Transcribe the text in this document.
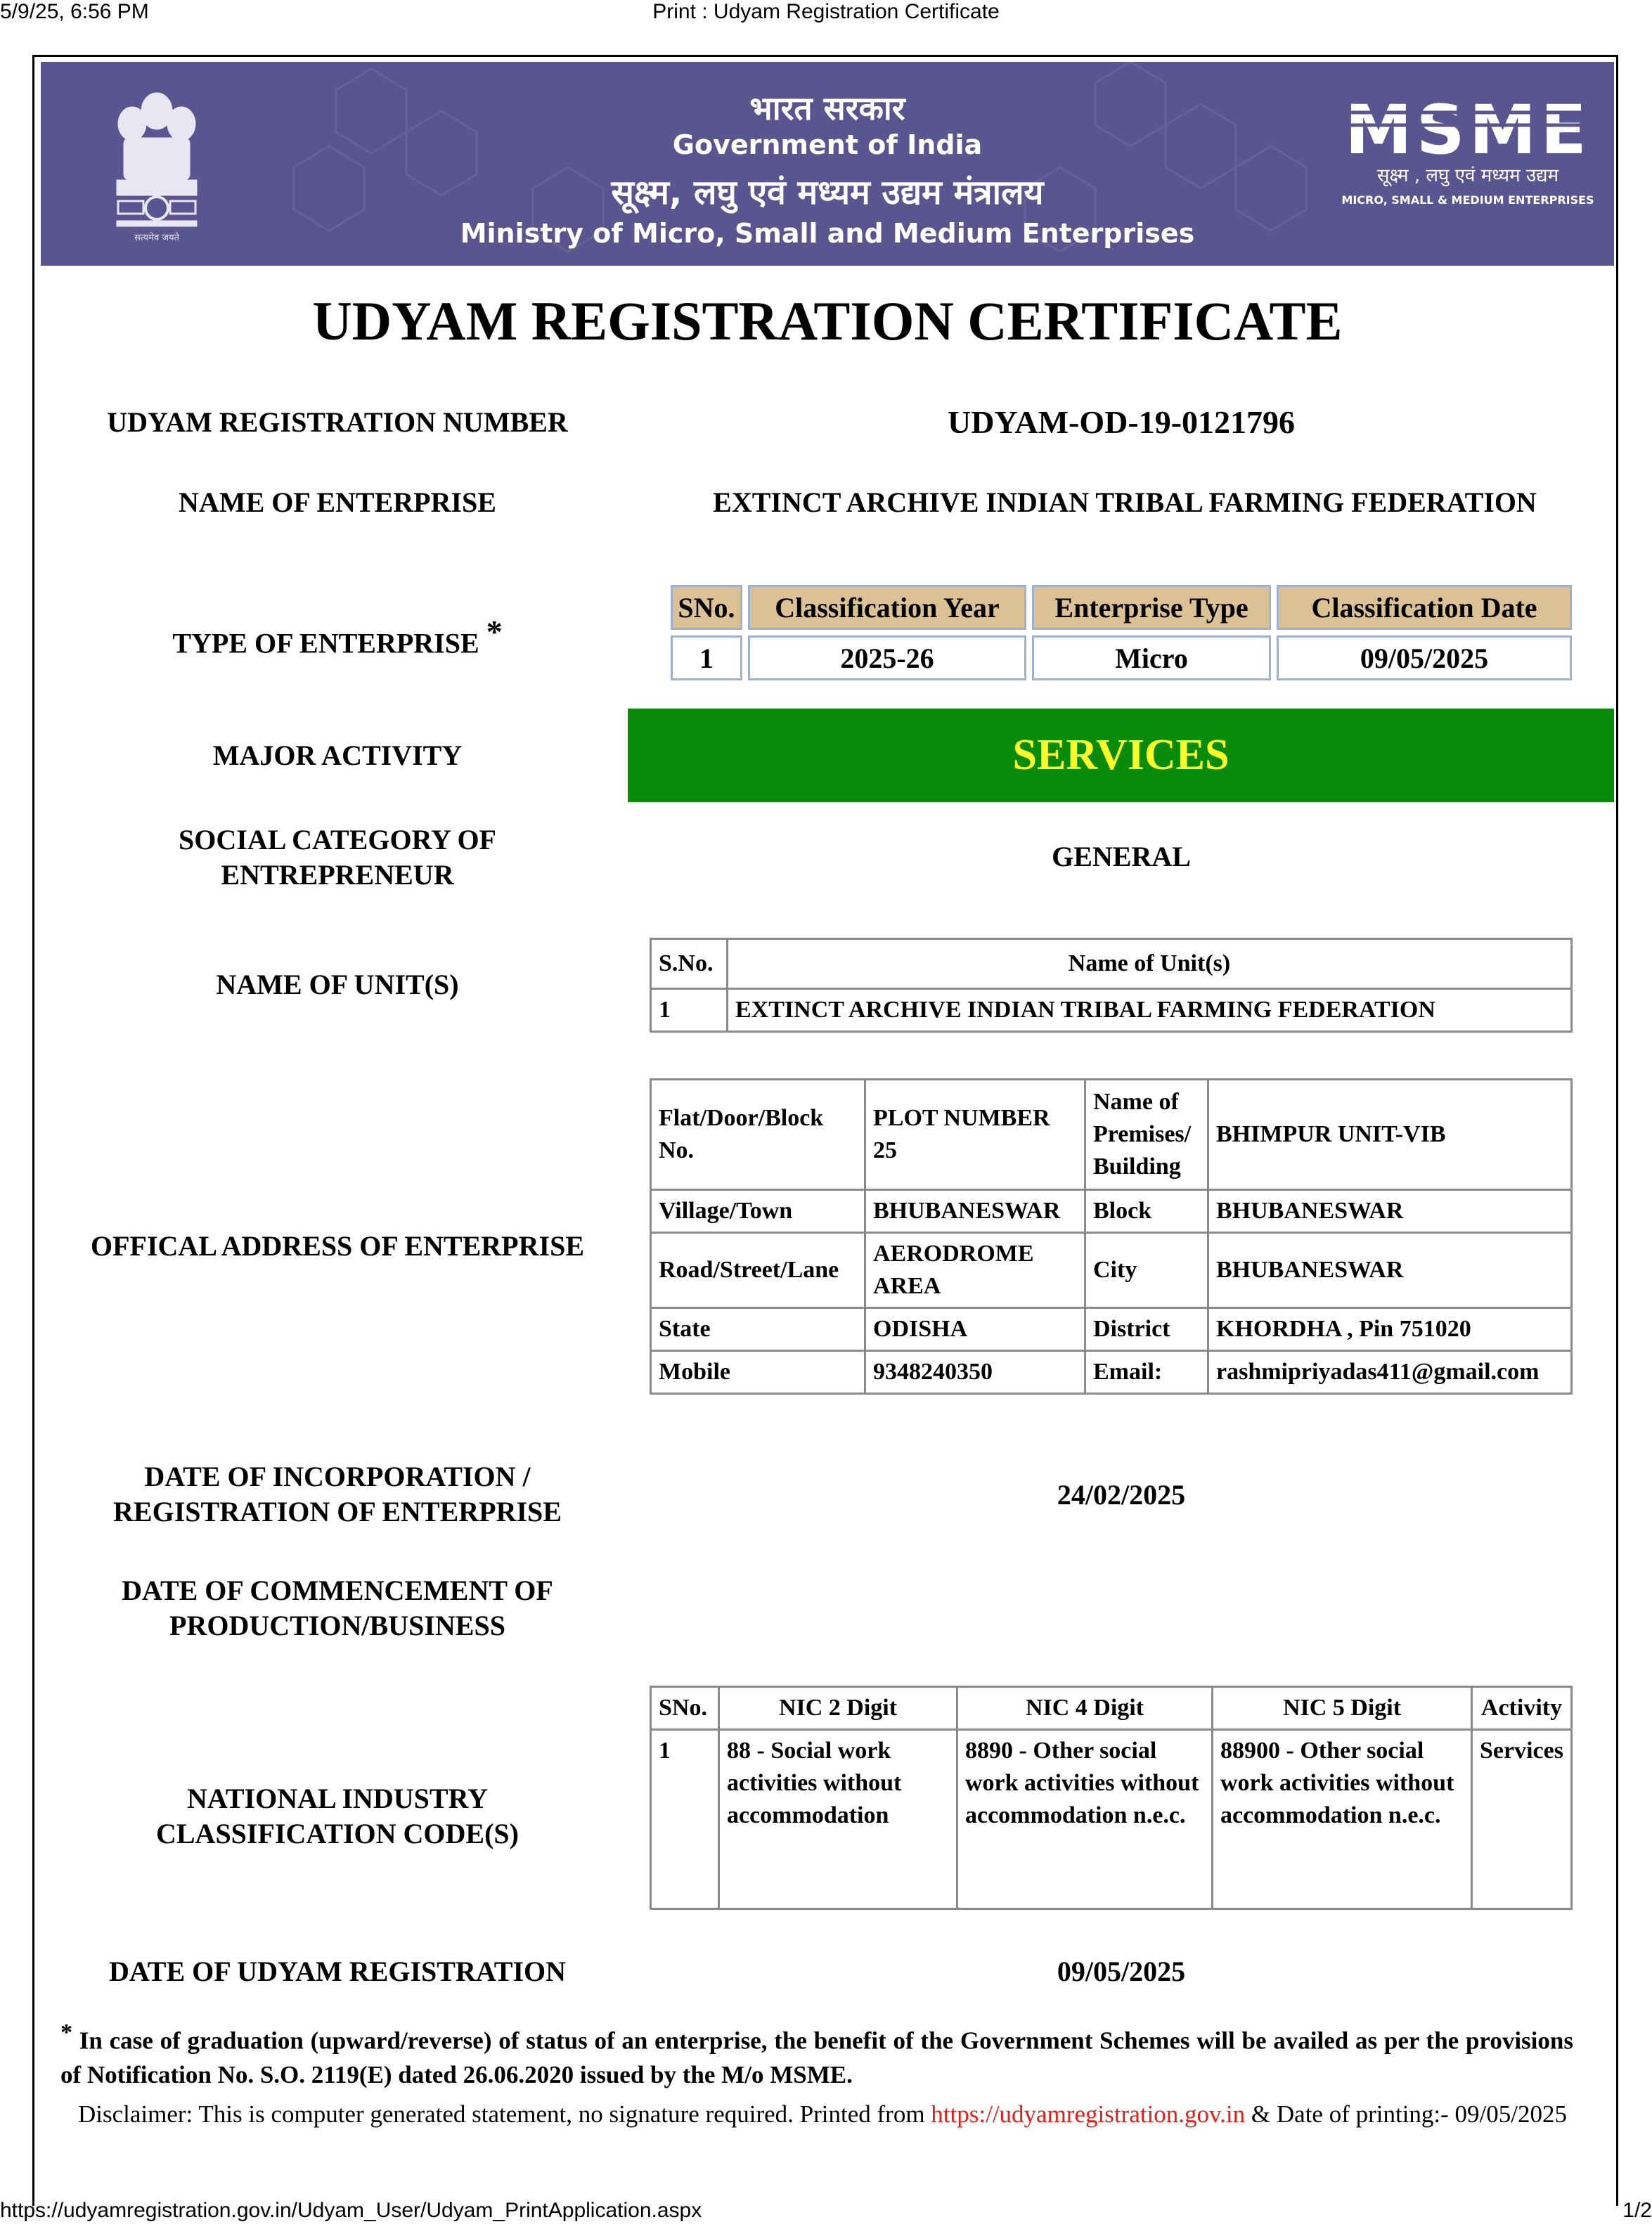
5/9/25, 6:56 PM	Print : Udyam Registration Certificate
सत्यमेव जयते
भारत सरकार
Government of India
सूक्ष्म, लघु एवं मध्यम उद्यम मंत्रालय
Ministry of Micro, Small and Medium Enterprises
MSME
सूक्ष्म , लघु एवं मध्यम उद्यम
MICRO, SMALL & MEDIUM ENTERPRISES
UDYAM REGISTRATION CERTIFICATE
UDYAM REGISTRATION NUMBER	UDYAM-OD-19-0121796
NAME OF ENTERPRISE	EXTINCT ARCHIVE INDIAN TRIBAL FARMING FEDERATION
TYPE OF ENTERPRISE *
SNo.	Classification Year	Enterprise Type	Classification Date
1	2025-26	Micro	09/05/2025
MAJOR ACTIVITY	SERVICES
SOCIAL CATEGORY OF
ENTREPRENEUR
GENERAL
NAME OF UNIT(S)
S.No.	Name of Unit(s)
1	EXTINCT ARCHIVE INDIAN TRIBAL FARMING FEDERATION
OFFICAL ADDRESS OF ENTERPRISE
Flat/Door/Block No.	PLOT NUMBER 25	Name of Premises/ Building	BHIMPUR UNIT-VIB
Village/Town	BHUBANESWAR	Block	BHUBANESWAR
Road/Street/Lane	AERODROME AREA	City	BHUBANESWAR
State	ODISHA	District	KHORDHA , Pin 751020
Mobile	9348240350	Email:	rashmipriyadas411@gmail.com
DATE OF INCORPORATION /
REGISTRATION OF ENTERPRISE
24/02/2025
DATE OF COMMENCEMENT OF
PRODUCTION/BUSINESS
NATIONAL INDUSTRY
CLASSIFICATION CODE(S)
SNo.	NIC 2 Digit	NIC 4 Digit	NIC 5 Digit	Activity
1	88 - Social work activities without accommodation	8890 - Other social work activities without accommodation n.e.c.	88900 - Other social work activities without accommodation n.e.c.	Services
DATE OF UDYAM REGISTRATION	09/05/2025
* In case of graduation (upward/reverse) of status of an enterprise, the benefit of the Government Schemes will be availed as per the provisions of Notification No. S.O. 2119(E) dated 26.06.2020 issued by the M/o MSME.
Disclaimer: This is computer generated statement, no signature required. Printed from https://udyamregistration.gov.in & Date of printing:- 09/05/2025
https://udyamregistration.gov.in/Udyam_User/Udyam_PrintApplication.aspx	1/2
